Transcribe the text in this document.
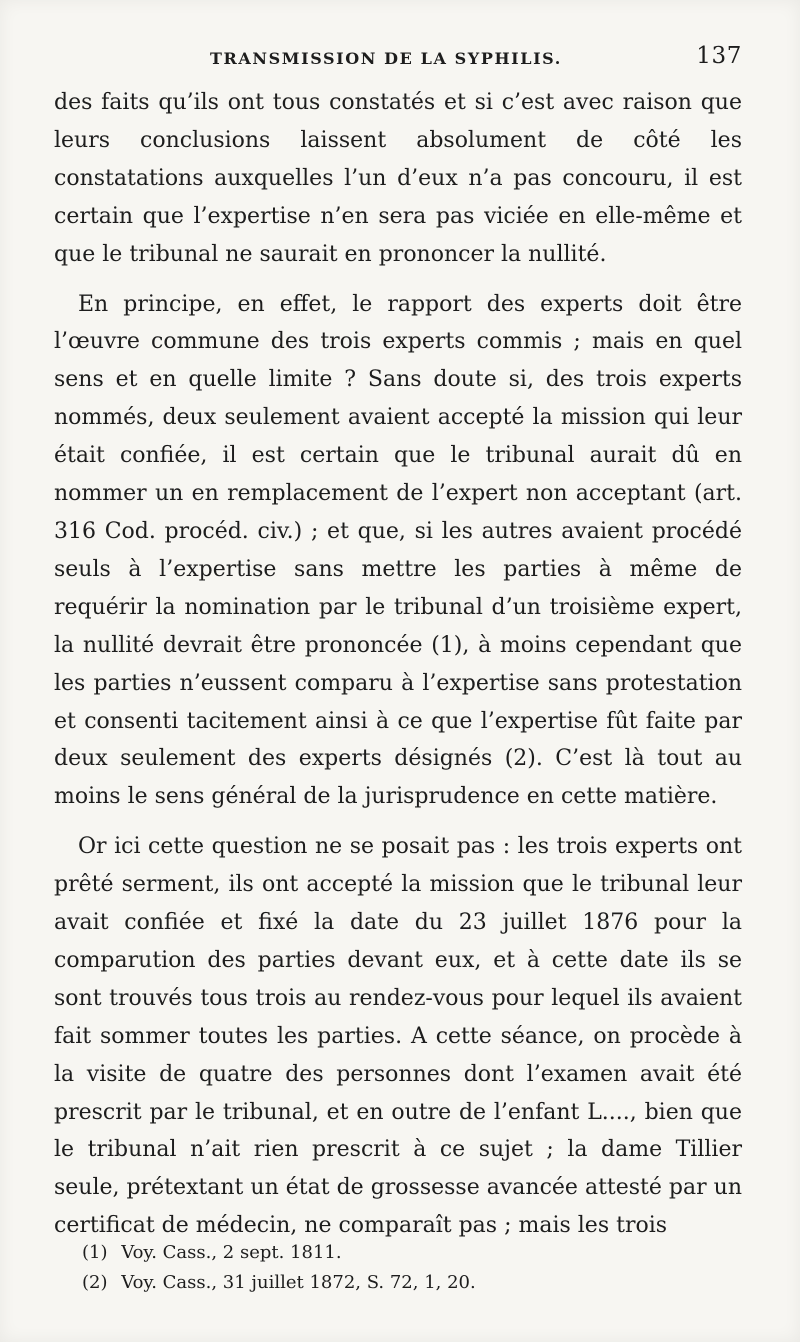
TRANSMISSION DE LA SYPHILIS.	137

des faits qu’ils ont tous constatés et si c’est avec raison que leurs conclusions laissent absolument de côté les constatations auxquelles l’un d’eux n’a pas concouru, il est certain que l’expertise n’en sera pas viciée en elle-même et que le tribunal ne saurait en prononcer la nullité.

En principe, en effet, le rapport des experts doit être l’œuvre commune des trois experts commis ; mais en quel sens et en quelle limite ? Sans doute si, des trois experts nommés, deux seulement avaient accepté la mission qui leur était confiée, il est certain que le tribunal aurait dû en nommer un en remplacement de l’expert non acceptant (art. 316 Cod. procéd. civ.) ; et que, si les autres avaient procédé seuls à l’expertise sans mettre les parties à même de requérir la nomination par le tribunal d’un troisième expert, la nullité devrait être prononcée (1), à moins cependant que les parties n’eussent comparu à l’expertise sans protestation et consenti tacitement ainsi à ce que l’expertise fût faite par deux seulement des experts désignés (2). C’est là tout au moins le sens général de la jurisprudence en cette matière.

Or ici cette question ne se posait pas : les trois experts ont prêté serment, ils ont accepté la mission que le tribunal leur avait confiée et fixé la date du 23 juillet 1876 pour la comparution des parties devant eux, et à cette date ils se sont trouvés tous trois au rendez-vous pour lequel ils avaient fait sommer toutes les parties. A cette séance, on procède à la visite de quatre des personnes dont l’examen avait été prescrit par le tribunal, et en outre de l’enfant L...., bien que le tribunal n’ait rien prescrit à ce sujet ; la dame Tillier seule, prétextant un état de grossesse avancée attesté par un certificat de médecin, ne comparaît pas ; mais les trois

(1) Voy. Cass., 2 sept. 1811.
(2) Voy. Cass., 31 juillet 1872, S. 72, 1, 20.
